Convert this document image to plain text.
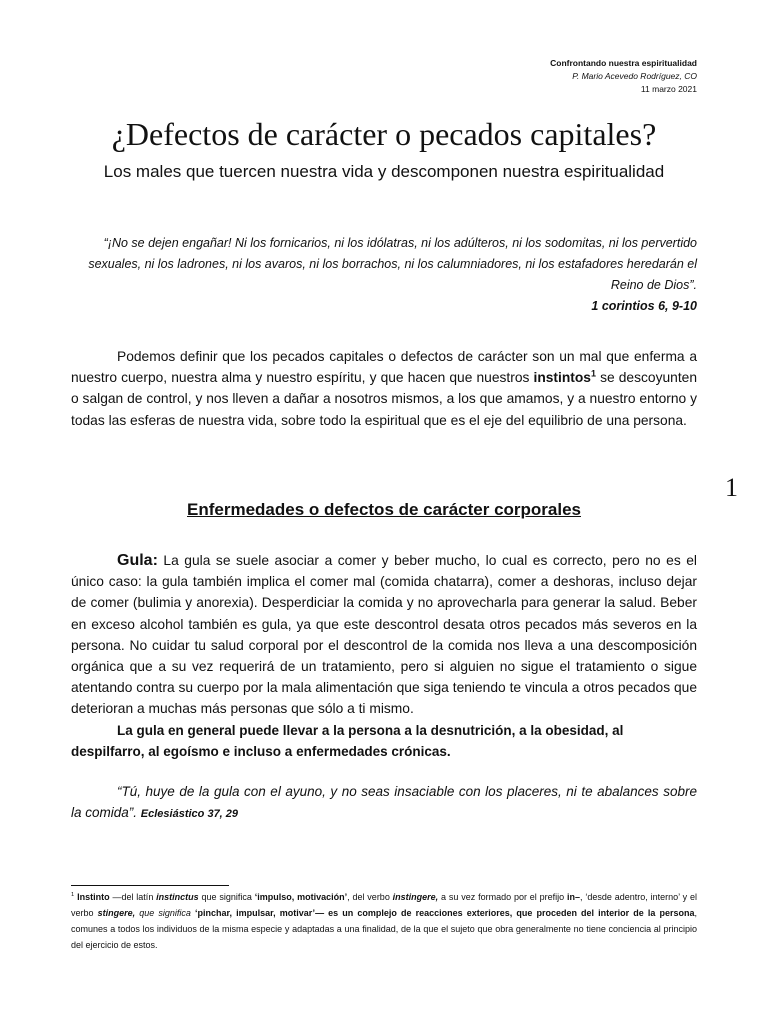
Confrontando nuestra espiritualidad
P. Mario Acevedo Rodríguez, CO
11 marzo 2021
¿Defectos de carácter o pecados capitales?
Los males que tuercen nuestra vida y descomponen nuestra espiritualidad
“¡No se dejen engañar! Ni los fornicarios, ni los idólatras, ni los adúlteros, ni los sodomitas, ni los pervertido sexuales, ni los ladrones, ni los avaros, ni los borrachos, ni los calumniadores, ni los estafadores heredarán el Reino de Dios”.
1 corintios 6, 9-10
Podemos definir que los pecados capitales o defectos de carácter son un mal que enferma a nuestro cuerpo, nuestra alma y nuestro espíritu, y que hacen que nuestros instintos$^1$ se descoyunten o salgan de control, y nos lleven a dañar a nosotros mismos, a los que amamos, y a nuestro entorno y todas las esferas de nuestra vida, sobre todo la espiritual que es el eje del equilibrio de una persona.
1
Enfermedades o defectos de carácter corporales
Gula: La gula se suele asociar a comer y beber mucho, lo cual es correcto, pero no es el único caso: la gula también implica el comer mal (comida chatarra), comer a deshoras, incluso dejar de comer (bulimia y anorexia). Desperdiciar la comida y no aprovecharla para generar la salud. Beber en exceso alcohol también es gula, ya que este descontrol desata otros pecados más severos en la persona. No cuidar tu salud corporal por el descontrol de la comida nos lleva a una descomposición orgánica que a su vez requerirá de un tratamiento, pero si alguien no sigue el tratamiento o sigue atentando contra su cuerpo por la mala alimentación que siga teniendo te vincula a otros pecados que deterioran a muchas más personas que sólo a ti mismo.
La gula en general puede llevar a la persona a la desnutrición, a la obesidad, al despilfarro, al egoísmo e incluso a enfermedades crónicas.
“Tú, huye de la gula con el ayuno, y no seas insaciable con los placeres, ni te abalances sobre la comida”. Eclesiástico 37, 29
$^1$ Instinto —del latín instinctus que significa ‘impulso, motivación’, del verbo instingere, a su vez formado por el prefijo in–, ‘desde adentro, interno’ y el verbo stingere, que significa ‘pinchar, impulsar, motivar’— es un complejo de reacciones exteriores, que proceden del interior de la persona, comunes a todos los individuos de la misma especie y adaptadas a una finalidad, de la que el sujeto que obra generalmente no tiene conciencia al principio del ejercicio de estos.
